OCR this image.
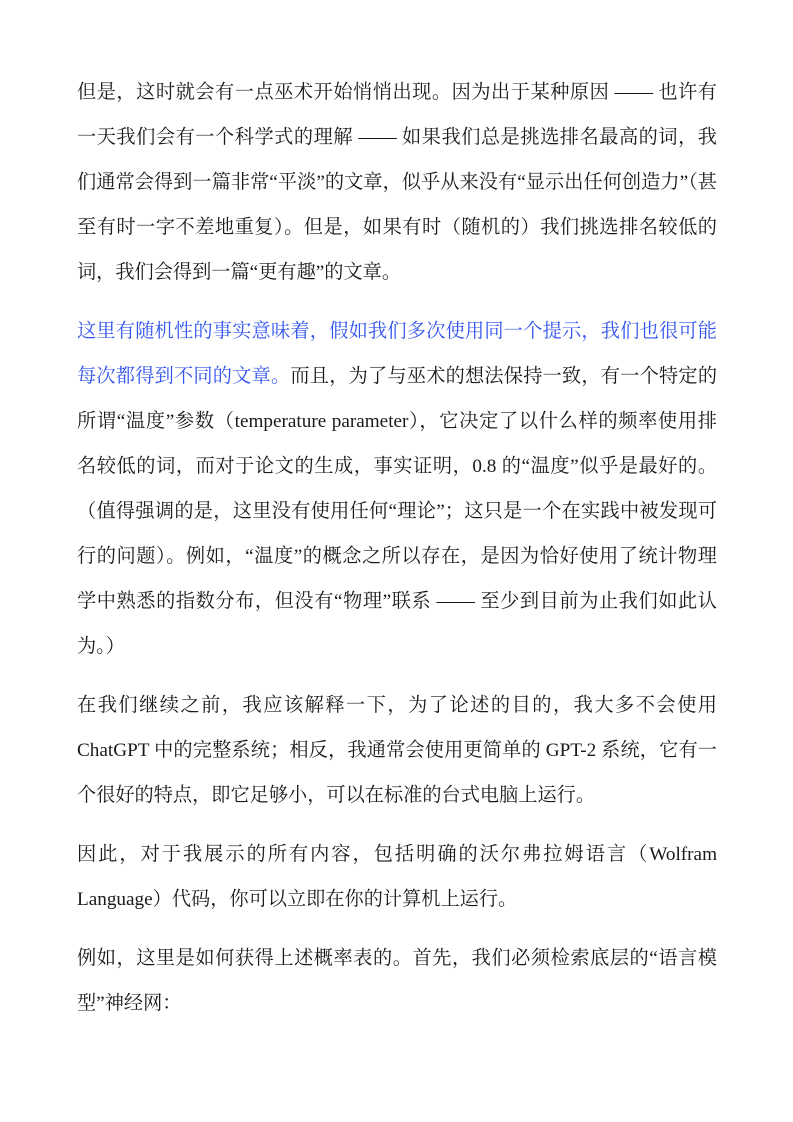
但是，这时就会有一点巫术开始悄悄出现。因为出于某种原因 —— 也许有一天我们会有一个科学式的理解 —— 如果我们总是挑选排名最高的词，我们通常会得到一篇非常“平淡”的文章，似乎从来没有“显示出任何创造力”（甚至有时一字不差地重复）。但是，如果有时（随机的）我们挑选排名较低的词，我们会得到一篇“更有趣”的文章。

这里有随机性的事实意味着，假如我们多次使用同一个提示，我们也很可能每次都得到不同的文章。而且，为了与巫术的想法保持一致，有一个特定的所谓“温度”参数（temperature parameter），它决定了以什么样的频率使用排名较低的词，而对于论文的生成，事实证明，0.8 的“温度”似乎是最好的。（值得强调的是，这里没有使用任何“理论”；这只是一个在实践中被发现可行的问题）。例如，“温度”的概念之所以存在，是因为恰好使用了统计物理学中熟悉的指数分布，但没有“物理”联系 —— 至少到目前为止我们如此认为。）

在我们继续之前，我应该解释一下，为了论述的目的，我大多不会使用 ChatGPT 中的完整系统；相反，我通常会使用更简单的 GPT-2 系统，它有一个很好的特点，即它足够小，可以在标准的台式电脑上运行。

因此，对于我展示的所有内容，包括明确的沃尔弗拉姆语言（Wolfram Language）代码，你可以立即在你的计算机上运行。

例如，这里是如何获得上述概率表的。首先，我们必须检索底层的“语言模型”神经网：
